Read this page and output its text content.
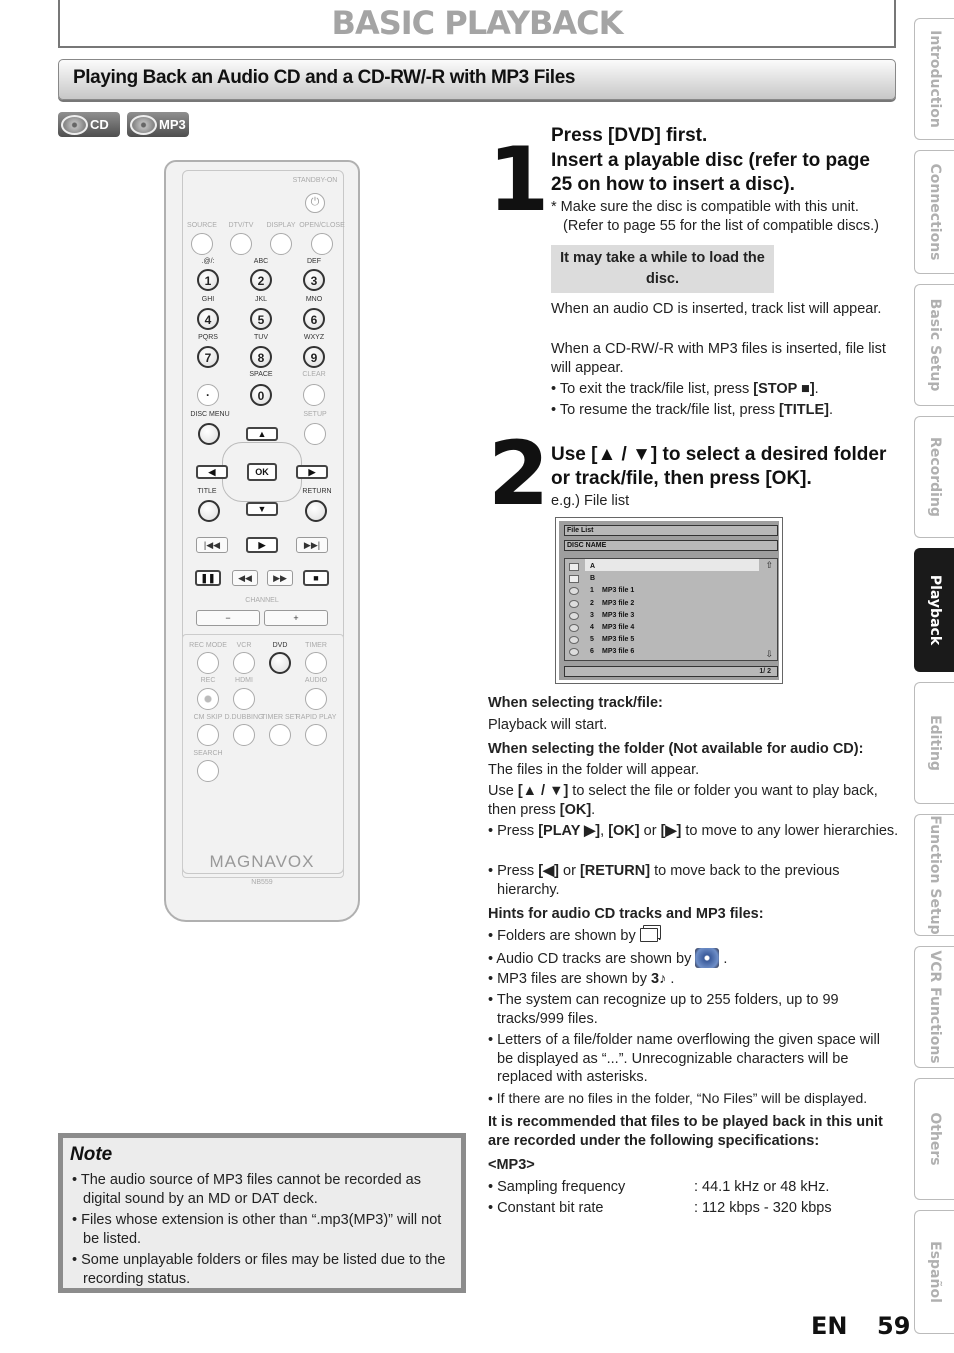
BASIC PLAYBACK
Playing Back an Audio CD and a CD-RW/-R with MP3 Files
CD	MP3
STANDBY-ON
⏻
SOURCE DTV/TV DISPLAY OPEN/CLOSE
.@/:
1
ABC
2
DEF
3
GHI
4
JKL
5
MNO
6
PQRS
7
TUV
8
WXYZ
9
·
SPACE
0
CLEAR
DISC MENU	SETUP
▲
▼
◀	▶
OK
TITLE	RETURN
|◀◀	▶	▶▶|
❚❚	◀◀	▶▶	■
CHANNEL
−	+
REC MODE VCR	DVD	TIMER
REC	HDMI	AUDIO
CM SKIP D.DUBBING
TIMER SET
RAPID PLAY
SEARCH
MAGNAVOX
NB559
1 Press [DVD] first.
Insert a playable disc (refer to page 25 on how to insert a disc).
* Make sure the disc is compatible with this unit. (Refer to page 55 for the list of compatible discs.)
It may take a while to load the disc.
When an audio CD is inserted, track list will appear.
When a CD-RW/-R with MP3 files is inserted, file list will appear.
• To exit the track/file list, press [STOP ■].
• To resume the track/file list, press [TITLE].
2 Use [▲ / ▼] to select a desired folder or track/file, then press [OK].
e.g.) File list
File List
DISC NAME
⇧
⇩
A
B
1 MP3 file 1
2 MP3 file 2
3 MP3 file 3
4 MP3 file 4
5 MP3 file 5
6 MP3 file 6
1/ 2
When selecting track/file:
Playback will start.
When selecting the folder (Not available for audio CD):
The files in the folder will appear.
Use [▲ / ▼] to select the file or folder you want to play back, then press [OK].
• Press [PLAY ▶], [OK] or [▶] to move to any lower hierarchies.
• Press [◀] or [RETURN] to move back to the previous hierarchy.
Hints for audio CD tracks and MP3 files:
• Folders are shown by .
• Audio CD tracks are shown by  .
• MP3 files are shown by 3♪ .
• The system can recognize up to 255 folders, up to 99 tracks/999 files.
• Letters of a file/folder name overflowing the given space will be displayed as “...”. Unrecognizable characters will be replaced with asterisks.
• If there are no files in the folder, “No Files” will be displayed.
It is recommended that files to be played back in this unit are recorded under the following specifications:
<MP3>
• Sampling frequency	: 44.1 kHz or 48 kHz.
• Constant bit rate	: 112 kbps - 320 kbps
Note
• The audio source of MP3 files cannot be recorded as digital sound by an MD or DAT deck.
• Files whose extension is other than “.mp3(MP3)” will not be listed.
• Some unplayable folders or files may be listed due to the recording status.
Introduction
Connections
Basic Setup
Recording
Playback
Editing
Function Setup
VCR Functions
Others
Español
EN 59
